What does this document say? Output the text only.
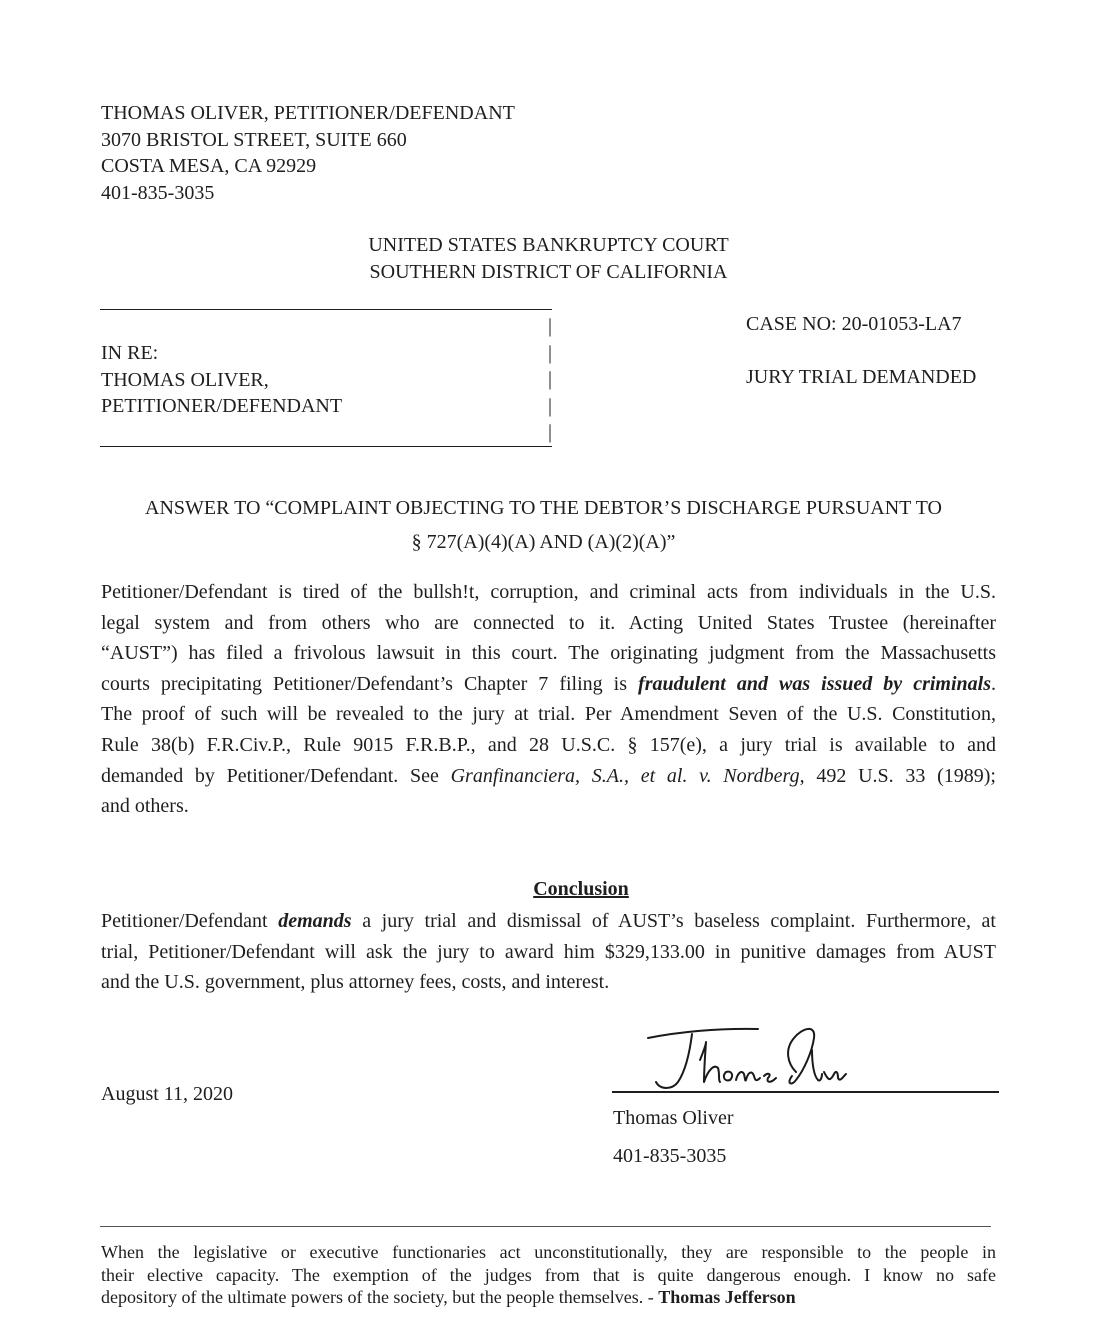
THOMAS OLIVER, PETITIONER/DEFENDANT
3070 BRISTOL STREET, SUITE 660
COSTA MESA, CA 92929
401-835-3035
UNITED STATES BANKRUPTCY COURT
SOUTHERN DISTRICT OF CALIFORNIA
|
|
|
|
|
IN RE:
THOMAS OLIVER,
PETITIONER/DEFENDANT
CASE NO: 20-01053-LA7
JURY TRIAL DEMANDED
ANSWER TO “COMPLAINT OBJECTING TO THE DEBTOR’S DISCHARGE PURSUANT TO
§ 727(A)(4)(A) AND (A)(2)(A)”
Petitioner/Defendant is tired of the bullsh!t, corruption, and criminal acts from individuals in the U.S.
legal system and from others who are connected to it. Acting United States Trustee (hereinafter
“AUST”) has filed a frivolous lawsuit in this court. The originating judgment from the Massachusetts
courts precipitating Petitioner/Defendant’s Chapter 7 filing is fraudulent and was issued by criminals.
The proof of such will be revealed to the jury at trial. Per Amendment Seven of the U.S. Constitution,
Rule 38(b) F.R.Civ.P., Rule 9015 F.R.B.P., and 28 U.S.C. § 157(e), a jury trial is available to and
demanded by Petitioner/Defendant. See Granfinanciera, S.A., et al. v. Nordberg, 492 U.S. 33 (1989);
and others.
Conclusion
Petitioner/Defendant demands a jury trial and dismissal of AUST’s baseless complaint. Furthermore, at
trial, Petitioner/Defendant will ask the jury to award him $329,133.00 in punitive damages from AUST
and the U.S. government, plus attorney fees, costs, and interest.
August 11, 2020
Thomas Oliver
401-835-3035
When the legislative or executive functionaries act unconstitutionally, they are responsible to the people in
their elective capacity. The exemption of the judges from that is quite dangerous enough. I know no safe
depository of the ultimate powers of the society, but the people themselves. - Thomas Jefferson
